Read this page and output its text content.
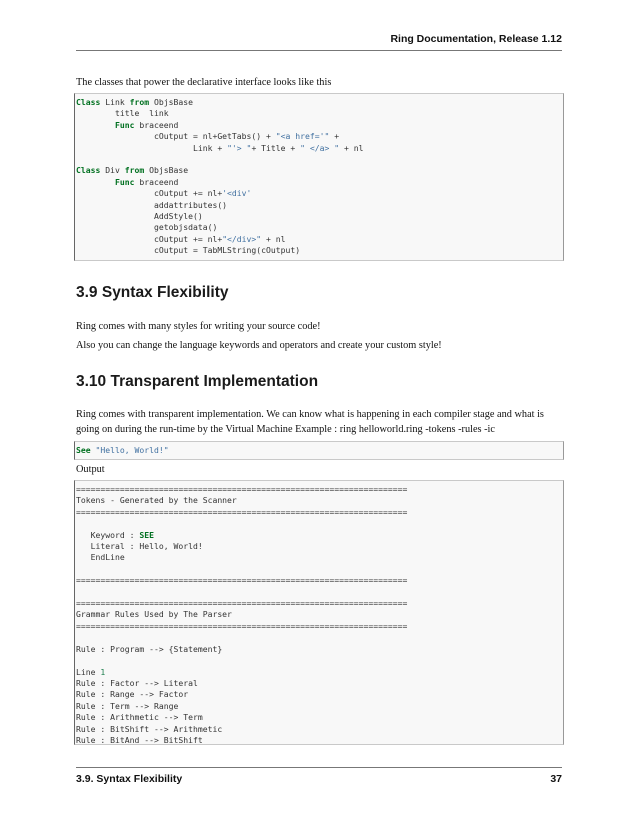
Ring Documentation, Release 1.12

The classes that power the declarative interface looks like this

Class Link from ObjsBase
title  link
Func braceend
cOutput = nl+GetTabs() + "<a href='" +
Link + "'> "+ Title + " </a> " + nl

Class Div from ObjsBase
Func braceend
cOutput += nl+'<div'
addattributes()
AddStyle()
getobjsdata()
cOutput += nl+"</div>" + nl
cOutput = TabMLString(cOutput)
3.9 Syntax Flexibility

Ring comes with many styles for writing your source code!

Also you can change the language keywords and operators and create your custom style!

3.10 Transparent Implementation

Ring comes with transparent implementation. We can know what is happening in each compiler stage and what is going on during the run-time by the Virtual Machine Example : ring helloworld.ring -tokens -rules -ic

See "Hello, World!"

Output

====================================================================
Tokens - Generated by the Scanner
====================================================================

Keyword : SEE
Literal : Hello, World!
EndLine

====================================================================

====================================================================
Grammar Rules Used by The Parser
====================================================================

Rule : Program --> {Statement}

Line 1
Rule : Factor --> Literal
Rule : Range --> Factor
Rule : Term --> Range
Rule : Arithmetic --> Term
Rule : BitShift --> Arithmetic
Rule : BitAnd --> BitShift
3.9. Syntax Flexibility	37
